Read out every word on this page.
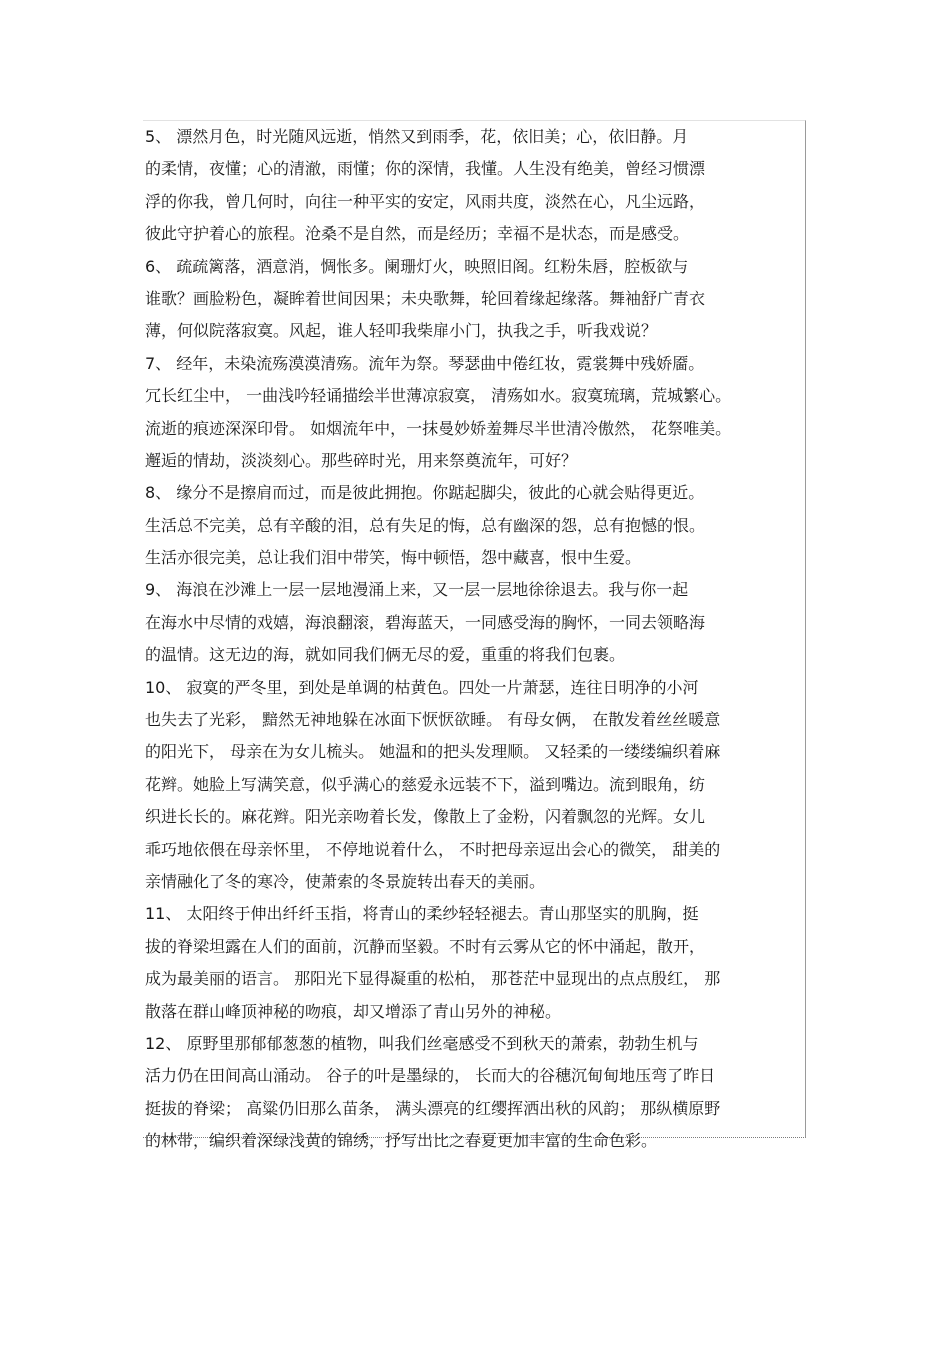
5、 漂然月色，时光随风远逝，悄然又到雨季，花，依旧美；心，依旧静。月
的柔情，夜懂；心的清澈，雨懂；你的深情，我懂。人生没有绝美，曾经习惯漂
浮的你我，曾几何时，向往一种平实的安定，风雨共度，淡然在心，凡尘远路，
彼此守护着心的旅程。沧桑不是自然，而是经历；幸福不是状态，而是感受。
6、 疏疏篱落，酒意消，惆怅多。阑珊灯火，映照旧阁。红粉朱唇，腔板欲与
谁歌？画脸粉色，凝眸着世间因果；未央歌舞，轮回着缘起缘落。舞袖舒广青衣
薄，何似院落寂寞。风起，谁人轻叩我柴扉小门，执我之手，听我戏说？
7、 经年，未染流殇漠漠清殇。流年为祭。琴瑟曲中倦红妆，霓裳舞中残娇靥。
冗长红尘中， 一曲浅吟轻诵描绘半世薄凉寂寞， 清殇如水。寂寞琉璃，荒城繁心。
流逝的痕迹深深印骨。 如烟流年中，一抹曼妙娇羞舞尽半世清冷傲然， 花祭唯美。
邂逅的情劫，淡淡刻心。那些碎时光，用来祭奠流年，可好？
8、 缘分不是擦肩而过，而是彼此拥抱。你踮起脚尖，彼此的心就会贴得更近。
生活总不完美，总有辛酸的泪，总有失足的悔，总有幽深的怨，总有抱憾的恨。
生活亦很完美，总让我们泪中带笑，悔中顿悟，怨中藏喜，恨中生爱。
9、 海浪在沙滩上一层一层地漫涌上来，又一层一层地徐徐退去。我与你一起
在海水中尽情的戏嬉，海浪翻滚，碧海蓝天，一同感受海的胸怀，一同去领略海
的温情。这无边的海，就如同我们俩无尽的爱，重重的将我们包裹。
10、 寂寞的严冬里，到处是单调的枯黄色。四处一片萧瑟，连往日明净的小河
也失去了光彩， 黯然无神地躲在冰面下恹恹欲睡。 有母女俩， 在散发着丝丝暖意
的阳光下， 母亲在为女儿梳头。 她温和的把头发理顺。 又轻柔的一缕缕编织着麻
花辫。她脸上写满笑意，似乎满心的慈爱永远装不下，溢到嘴边。流到眼角，纺
织进长长的。麻花辫。阳光亲吻着长发，像散上了金粉，闪着飘忽的光辉。女儿
乖巧地依偎在母亲怀里， 不停地说着什么， 不时把母亲逗出会心的微笑， 甜美的
亲情融化了冬的寒冷，使萧索的冬景旋转出春天的美丽。
11、 太阳终于伸出纤纤玉指，将青山的柔纱轻轻褪去。青山那坚实的肌胸，挺
拔的脊梁坦露在人们的面前，沉静而坚毅。不时有云雾从它的怀中涌起，散开，
成为最美丽的语言。 那阳光下显得凝重的松柏， 那苍茫中显现出的点点殷红， 那
散落在群山峰顶神秘的吻痕，却又增添了青山另外的神秘。
12、 原野里那郁郁葱葱的植物，叫我们丝毫感受不到秋天的萧索，勃勃生机与
活力仍在田间高山涌动。 谷子的叶是墨绿的， 长而大的谷穗沉甸甸地压弯了昨日
挺拔的脊梁； 高粱仍旧那么苗条， 满头漂亮的红缨挥洒出秋的风韵； 那纵横原野
的林带，编织着深绿浅黄的锦绣，抒写出比之春夏更加丰富的生命色彩。
